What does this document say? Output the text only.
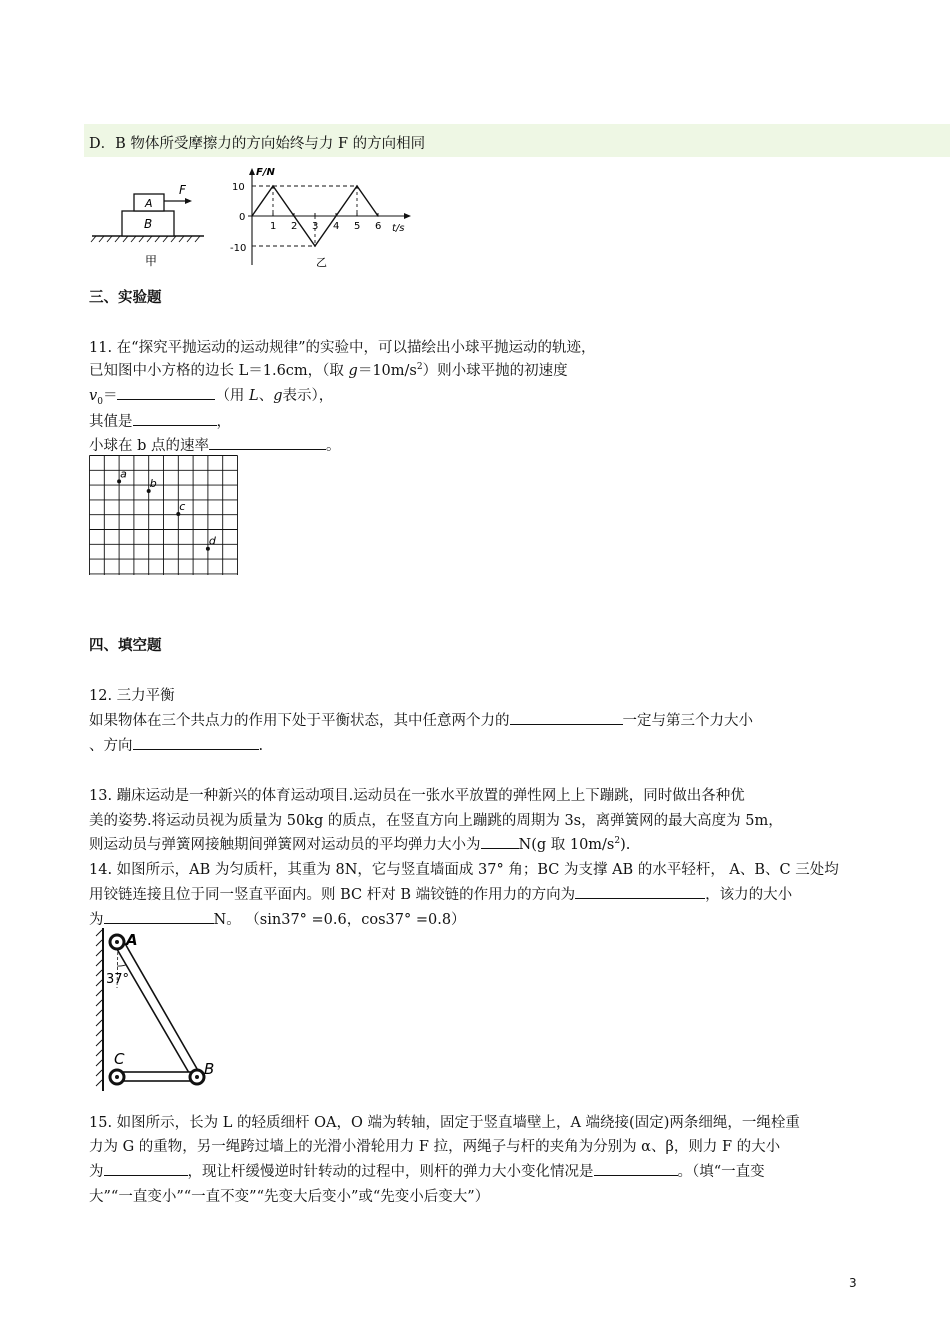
D．B 物体所受摩擦力的方向始终与力 F 的方向相同
A
B
F
甲
F/N
t/s
10
0
-10
1 2 3 4 5 6
乙
三、实验题
11. 在“探究平抛运动的运动规律”的实验中，可以描绘出小球平抛运动的轨迹，
已知图中小方格的边长 L＝1.6cm，（取 $g=10m/s^2$）则小球平抛的初速度
$v_0=$	（用 L、g表示），
其值是	，
小球在 b 点的速率	。
a
b
c
d
四、填空题
12. 三力平衡
如果物体在三个共点力的作用下处于平衡状态，其中任意两个力的	一定与第三个力大小
、方向	.
13. 蹦床运动是一种新兴的体育运动项目.运动员在一张水平放置的弹性网上上下蹦跳，同时做出各种优
美的姿势.将运动员视为质量为 50kg 的质点，在竖直方向上蹦跳的周期为 3s，离弹簧网的最大高度为 5m，
则运动员与弹簧网接触期间弹簧网对运动员的平均弹力大小为	N(g 取 $10m/s^2$).
14. 如图所示，AB 为匀质杆，其重为 8N，它与竖直墙面成 37° 角；BC 为支撑 AB 的水平轻杆， A、B、C 三处均
用铰链连接且位于同一竖直平面内。则 BC 杆对 B 端铰链的作用力的方向为	，该力的大小
为	N。 （sin37° =0.6，cos37° =0.8）
A
C
B
37°
15. 如图所示，长为 L 的轻质细杆 OA，O 端为转轴，固定于竖直墙壁上，A 端绕接(固定)两条细绳，一绳栓重
力为 G 的重物，另一绳跨过墙上的光滑小滑轮用力 F 拉，两绳子与杆的夹角为分别为 α、β，则力 F 的大小
为	，现让杆缓慢逆时针转动的过程中，则杆的弹力大小变化情况是	。（填“一直变
大”“一直变小”“一直不变”“先变大后变小”或“先变小后变大”）
3
